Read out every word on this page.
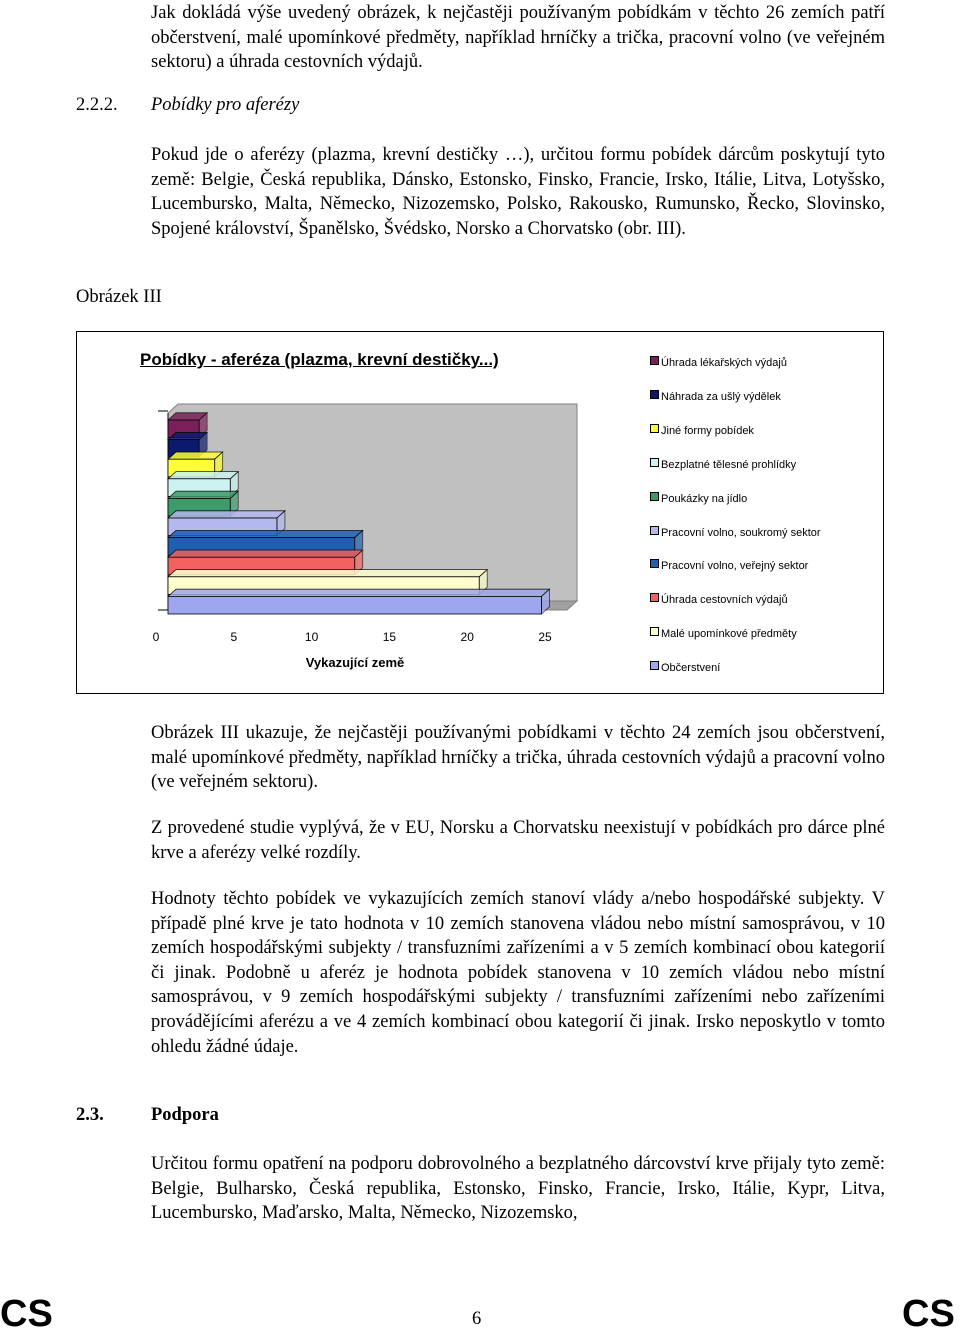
Jak dokládá výše uvedený obrázek, k nejčastěji používaným pobídkám v těchto 26 zemích patří občerstvení, malé upomínkové předměty, například hrníčky a trička, pracovní volno (ve veřejném sektoru) a úhrada cestovních výdajů.

2.2.2. Pobídky pro aferézy

Pokud jde o aferézy (plazma, krevní destičky …), určitou formu pobídek dárcům poskytují tyto země: Belgie, Česká republika, Dánsko, Estonsko, Finsko, Francie, Irsko, Itálie, Litva, Lotyšsko, Lucembursko, Malta, Německo, Nizozemsko, Polsko, Rakousko, Rumunsko, Řecko, Slovinsko, Spojené království, Španělsko, Švédsko, Norsko a Chorvatsko (obr. III).

Obrázek III
Pobídky - aferéza (plazma, krevní destičky...)
0	5	10	15	20	25
Vykazující země
Úhrada lékařských výdajů
Náhrada za ušlý výdělek
Jiné formy pobídek
Bezplatné tělesné prohlídky
Poukázky na jídlo
Pracovní volno, soukromý sektor
Pracovní volno, veřejný sektor
Úhrada cestovních výdajů
Malé upomínkové předměty
Občerstvení

Obrázek III ukazuje, že nejčastěji používanými pobídkami v těchto 24 zemích jsou občerstvení, malé upomínkové předměty, například hrníčky a trička, úhrada cestovních výdajů a pracovní volno (ve veřejném sektoru).

Z provedené studie vyplývá, že v EU, Norsku a Chorvatsku neexistují v pobídkách pro dárce plné krve a aferézy velké rozdíly.

Hodnoty těchto pobídek ve vykazujících zemích stanoví vlády a/nebo hospodářské subjekty. V případě plné krve je tato hodnota v 10 zemích stanovena vládou nebo místní samosprávou, v 10 zemích hospodářskými subjekty / transfuzními zařízeními a v 5 zemích kombinací obou kategorií či jinak. Podobně u aferéz je hodnota pobídek stanovena v 10 zemích vládou nebo místní samosprávou, v 9 zemích hospodářskými subjekty / transfuzními zařízeními nebo zařízeními provádějícími aferézu a ve 4 zemích kombinací obou kategorií či jinak. Irsko neposkytlo v tomto ohledu žádné údaje.

2.3.	Podpora

Určitou formu opatření na podporu dobrovolného a bezplatného dárcovství krve přijaly tyto země: Belgie, Bulharsko, Česká republika, Estonsko, Finsko, Francie, Irsko, Itálie, Kypr, Litva, Lucembursko, Maďarsko, Malta, Německo, Nizozemsko,

CS	6	CS
